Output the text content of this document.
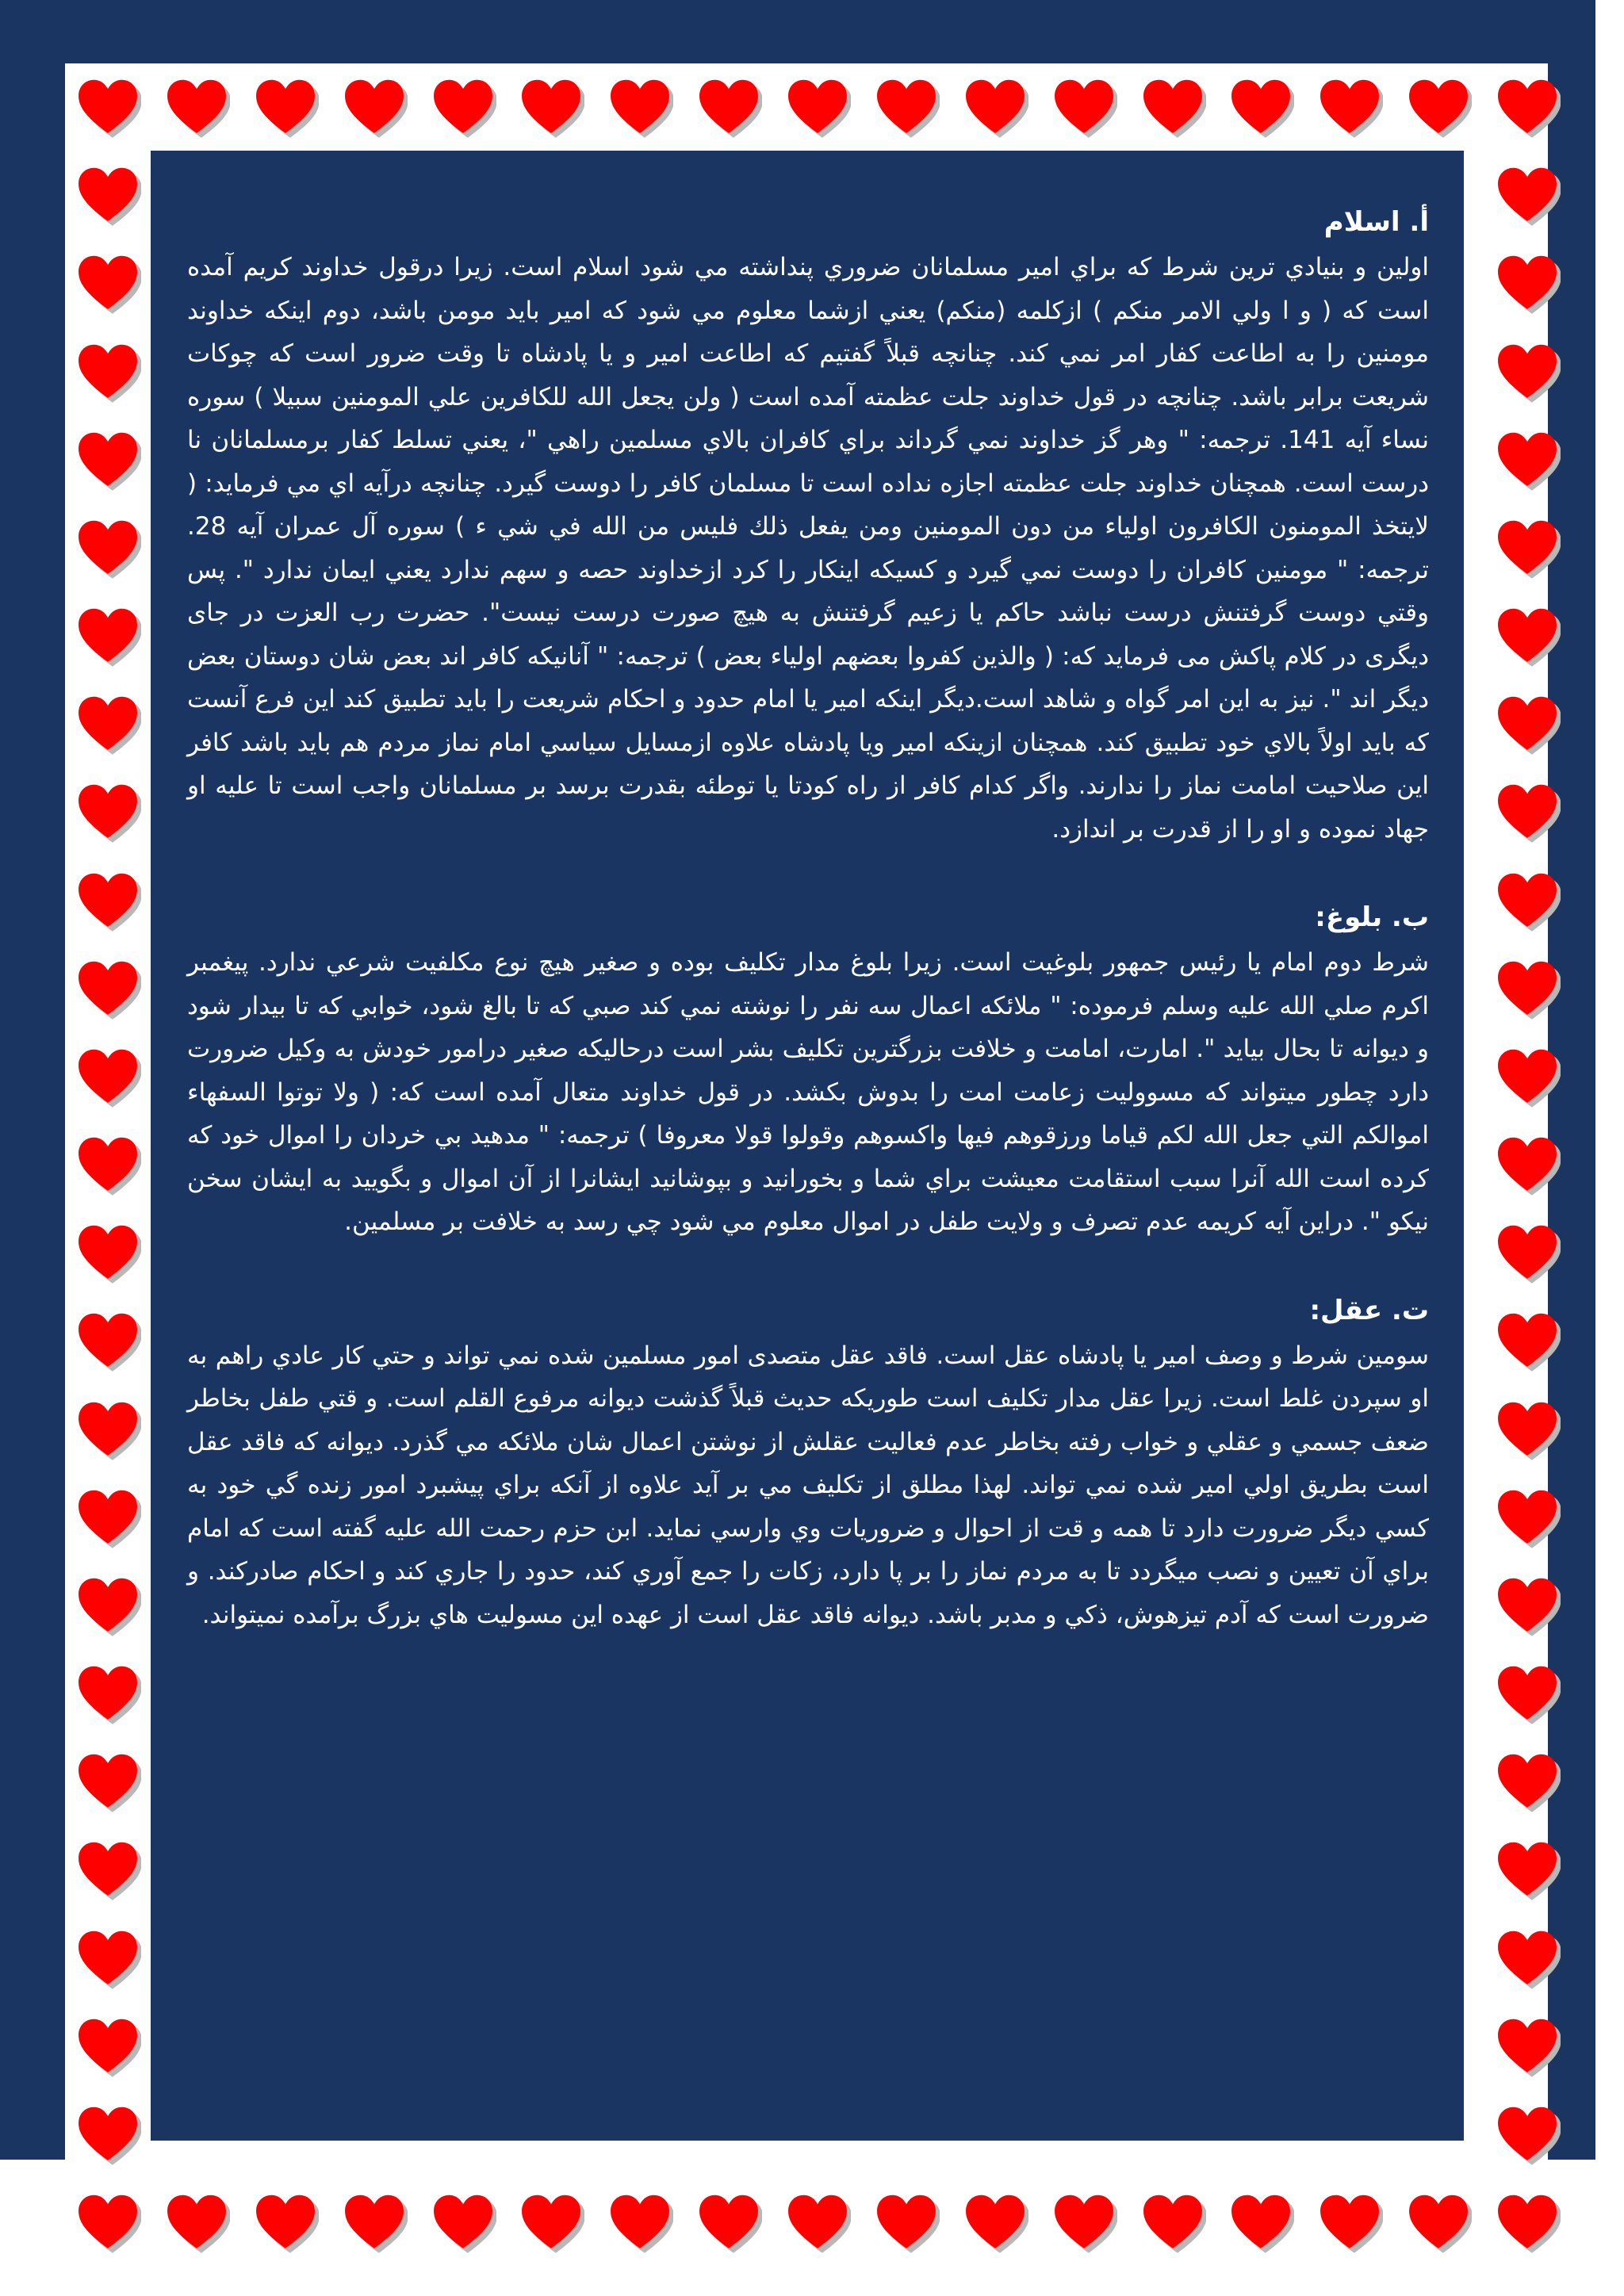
أ. اسلام

اولين و بنيادي ترين شرط كه براي امير مسلمانان ضروري پنداشته مي شود اسلام است. زيرا درقول خداوند كريم آمده است كه ( و ا ولي الامر منكم ) ازكلمه (منكم) يعني ازشما معلوم مي شود كه امير بايد مومن باشد، دوم اينكه خداوند مومنين را به اطاعت كفار امر نمي كند. چنانچه قبلاً گفتيم كه اطاعت امير و يا پادشاه تا وقت ضرور است كه چوكات شريعت برابر باشد. چنانچه در قول خداوند جلت عظمته آمده است ( ولن يجعل الله للكافرين علي المومنين سبيلا ) سوره نساء آيه 141. ترجمه: " وهر گز خداوند نمي گرداند براي كافران بالاي مسلمين راهي "، يعني تسلط كفار برمسلمانان نا درست است. همچنان خداوند جلت عظمته اجازه نداده است تا مسلمان كافر را دوست گيرد. چنانچه درآيه اي مي فرمايد: ( لايتخذ المومنون الكافرون اولياء من دون المومنين ومن يفعل ذلك فليس من الله في شي ء ) سوره آل عمران آيه 28. ترجمه: " مومنين كافران را دوست نمي گيرد و كسيكه اينكار را كرد ازخداوند حصه و سهم ندارد يعني ايمان ندارد ". پس وقتي دوست گرفتنش درست نباشد حاكم يا زعيم گرفتنش به هيچ صورت درست نيست". حضرت رب العزت در جای دیگری در کلام پاکش می فرماید که: ( والذين كفروا بعضهم اولياء بعض ) ترجمه: " آنانيكه كافر اند بعض شان دوستان بعض ديگر اند ". نيز به اين امر گواه و شاهد است.ديگر اينكه امير يا امام حدود و احكام شريعت را بايد تطبيق كند اين فرع آنست كه بايد اولاً بالاي خود تطبيق كند. همچنان ازينكه امير ويا پادشاه علاوه ازمسايل سياسي امام نماز مردم هم بايد باشد كافر اين صلاحيت امامت نماز را ندارند. واگر كدام كافر از راه كودتا يا توطئه بقدرت برسد بر مسلمانان واجب است تا عليه او جهاد نموده و او را از قدرت بر اندازد.

ب. بلوغ:

شرط دوم امام يا رئيس جمهور بلوغيت است. زيرا بلوغ مدار تكليف بوده و صغير هيچ نوع مكلفيت شرعي ندارد. پيغمبر اكرم صلي الله عليه وسلم فرموده: " ملائكه اعمال سه نفر را نوشته نمي كند صبي كه تا بالغ شود، خوابي كه تا بيدار شود و ديوانه تا بحال بيايد ". امارت، امامت و خلافت بزرگترين تكليف بشر است درحاليكه صغير درامور خودش به وكيل ضرورت دارد چطور ميتواند كه مسووليت زعامت امت را بدوش بكشد. در قول خداوند متعال آمده است كه: ( ولا توتوا السفهاء اموالكم التي جعل الله لكم قياما ورزقوهم فيها واكسوهم وقولوا قولا معروفا ) ترجمه: " مدهيد بي خردان را اموال خود كه كرده است الله آنرا سبب استقامت معيشت براي شما و بخورانيد و بپوشانيد ايشانرا از آن اموال و بگوييد به ايشان سخن نيكو ". دراين آيه كريمه عدم تصرف و ولايت طفل در اموال معلوم مي شود چي رسد به خلافت بر مسلمين.

ت. عقل:

سومين شرط و وصف امير يا پادشاه عقل است. فاقد عقل متصدی امور مسلمين شده نمي تواند و حتي كار عادي راهم به او سپردن غلط است. زيرا عقل مدار تكليف است طوريكه حديث قبلاً گذشت ديوانه مرفوع القلم است. و قتي طفل بخاطر ضعف جسمي و عقلي و خواب رفته بخاطر عدم فعاليت عقلش از نوشتن اعمال شان ملائكه مي گذرد. ديوانه كه فاقد عقل است بطريق اولي امير شده نمي تواند. لهذا مطلق از تكليف مي بر آيد علاوه از آنكه براي پيشبرد امور زنده گي خود به كسي ديگر ضرورت دارد تا همه و قت از احوال و ضروريات وي وارسي نمايد. ابن حزم رحمت الله عليه گفته است كه امام براي آن تعيين و نصب ميگردد تا به مردم نماز را بر پا دارد، زكات را جمع آوري كند، حدود را جاري كند و احكام صادركند. و ضرورت است كه آدم تيزهوش، ذكي و مدبر باشد. ديوانه فاقد عقل است از عهده اين مسوليت هاي بزرگ برآمده نميتواند.
